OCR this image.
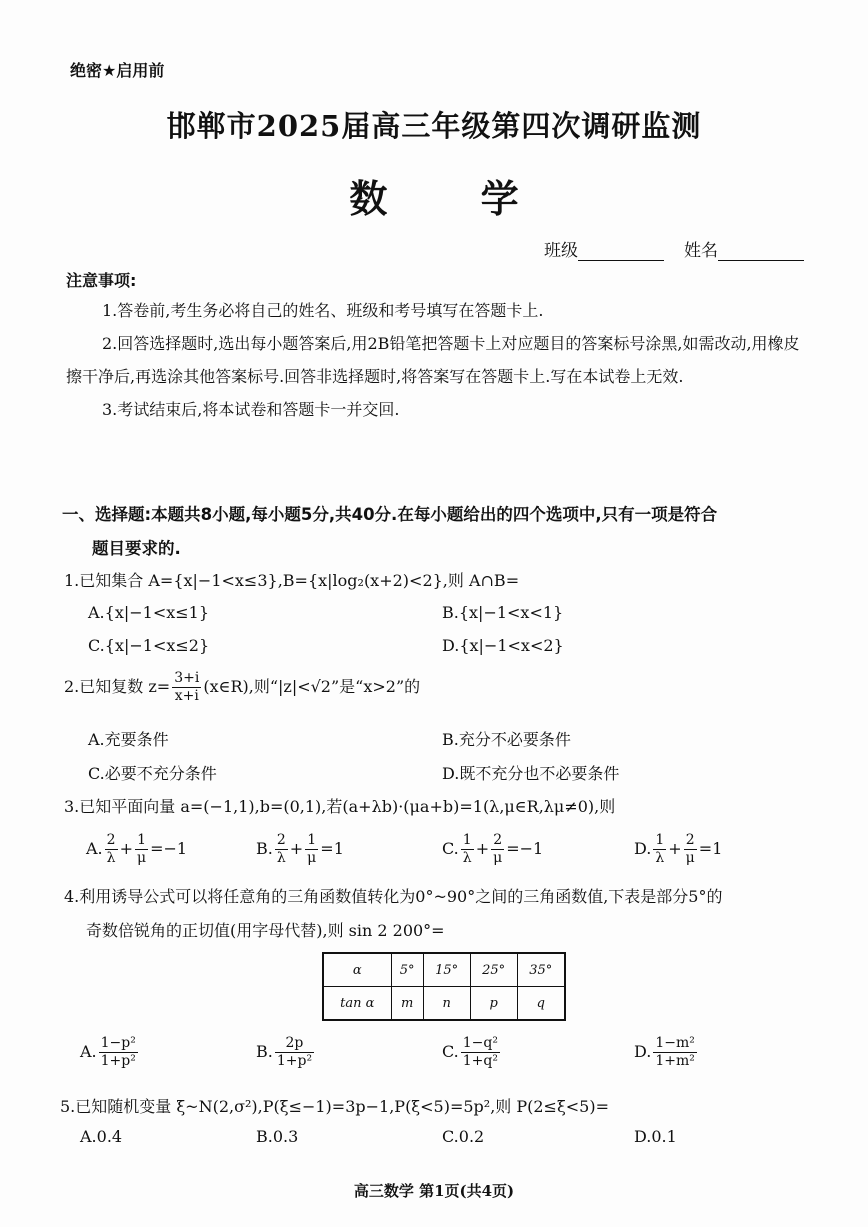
绝密★启用前
邯郸市2025届高三年级第四次调研监测
数 学
班级	姓名
注意事项:

1.答卷前,考生务必将自己的姓名、班级和考号填写在答题卡上.

2.回答选择题时,选出每小题答案后,用2B铅笔把答题卡上对应题目的答案标号涂黑,如需改动,用橡皮擦干净后,再选涂其他答案标号.回答非选择题时,将答案写在答题卡上.写在本试卷上无效.

3.考试结束后,将本试卷和答题卡一并交回.

一、选择题:本题共8小题,每小题5分,共40分.在每小题给出的四个选项中,只有一项是符合
题目要求的.
1.已知集合 A={x|−1<x≤3},B={x|log₂(x+2)<2},则 A∩B=
A.{x|−1<x≤1}	B.{x|−1<x<1}
C.{x|−1<x≤2}	D.{x|−1<x<2}
2.已知复数 $z= \frac{3+i}{x+i}$ (x∈R),则“|z|<√2”是“x>2”的
A.充要条件	B.充分不必要条件
C.必要不充分条件	D.既不充分也不必要条件
3.已知平面向量 a=(−1,1),b=(0,1),若(a+λb)·(μa+b)=1(λ,μ∈R,λμ≠0),则
A. $\frac{2}{\lambda} + \frac{1}{\mu} =-1$	B. $\frac{2}{\lambda} + \frac{1}{\mu} =1$	C. $\frac{1}{\lambda} + \frac{2}{\mu} =-1$	D. $\frac{1}{\lambda} + \frac{2}{\mu} =1$
4.利用诱导公式可以将任意角的三角函数值转化为0°~90°之间的三角函数值,下表是部分5°的
奇数倍锐角的正切值(用字母代替),则 sin 2 200°=
α	5°	15°	25°	35°
tan α	m	n	p	q
A. $\frac{\text{1−p²}}{\text{1+p²}}$	B. $\frac{2p}{\text{1+p²}}$	C. $\frac{\text{1−q²}}{\text{1+q²}}$	D. $\frac{\text{1−m²}}{\text{1+m²}}$
5.已知随机变量 ξ~N(2,σ²),P(ξ≤−1)=3p−1,P(ξ<5)=5p²,则 P(2≤ξ<5)=
A.0.4	B.0.3	C.0.2	D.0.1
高三数学 第1页(共4页)
